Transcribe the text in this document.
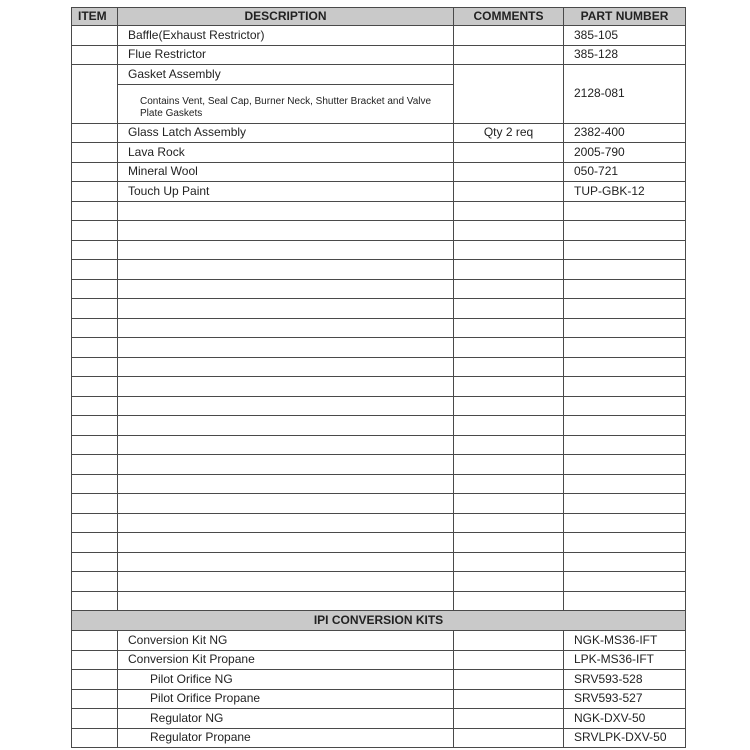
ITEM	DESCRIPTION	COMMENTS	PART NUMBER
	Baffle(Exhaust Restrictor)		385-105
	Flue Restrictor		385-128
	Gasket Assembly		2128-081
	Contains Vent, Seal Cap, Burner Neck, Shutter Bracket and Valve Plate Gaskets		
	Glass Latch Assembly	Qty 2 req	2382-400
	Lava Rock		2005-790
	Mineral Wool		050-721
	Touch Up Paint		TUP-GBK-12

IPI CONVERSION KITS			
	Conversion Kit NG		NGK-MS36-IFT
	Conversion Kit Propane		LPK-MS36-IFT
	Pilot Orifice NG		SRV593-528
	Pilot Orifice Propane		SRV593-527
	Regulator NG		NGK-DXV-50
	Regulator Propane		SRVLPK-DXV-50
